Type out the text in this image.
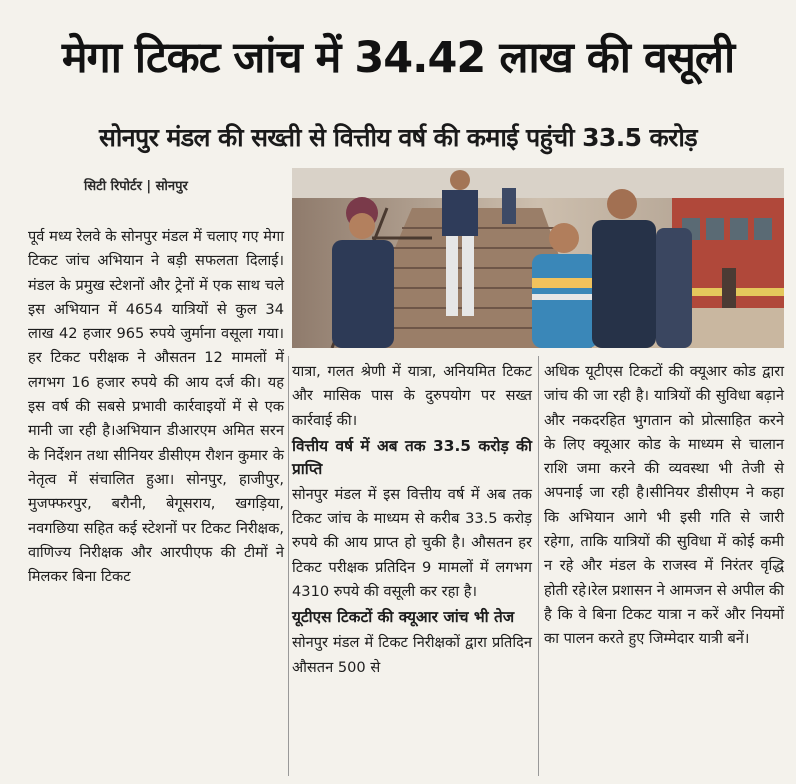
मेगा टिकट जांच में 34.42 लाख की वसूली
सोनपुर मंडल की सख्ती से वित्तीय वर्ष की कमाई पहुंची 33.5 करोड़
सिटी रिपोर्टर | सोनपुर

पूर्व मध्य रेलवे के सोनपुर मंडल में चलाए गए मेगा टिकट जांच अभियान ने बड़ी सफलता दिलाई। मंडल के प्रमुख स्टेशनों और ट्रेनों में एक साथ चले इस अभियान में 4654 यात्रियों से कुल 34 लाख 42 हजार 965 रुपये जुर्माना वसूला गया। हर टिकट परीक्षक ने औसतन 12 मामलों में लगभग 16 हजार रुपये की आय दर्ज की। यह इस वर्ष की सबसे प्रभावी कार्रवाइयों में से एक मानी जा रही है।अभियान डीआरएम अमित सरन के निर्देशन तथा सीनियर डीसीएम रौशन कुमार के नेतृत्व में संचालित हुआ। सोनपुर, हाजीपुर, मुजफ्फरपुर, बरौनी, बेगूसराय, खगड़िया, नवगछिया सहित कई स्टेशनों पर टिकट निरीक्षक, वाणिज्य निरीक्षक और आरपीएफ की टीमों ने मिलकर बिना टिकट

यात्रा, गलत श्रेणी में यात्रा, अनियमित टिकट और मासिक पास के दुरुपयोग पर सख्त कार्रवाई की।

वित्तीय वर्ष में अब तक 33.5 करोड़ की प्राप्ति

सोनपुर मंडल में इस वित्तीय वर्ष में अब तक टिकट जांच के माध्यम से करीब 33.5 करोड़ रुपये की आय प्राप्त हो चुकी है। औसतन हर टिकट परीक्षक प्रतिदिन 9 मामलों में लगभग 4310 रुपये की वसूली कर रहा है।

यूटीएस टिकटों की क्यूआर जांच भी तेज

सोनपुर मंडल में टिकट निरीक्षकों द्वारा प्रतिदिन औसतन 500 से

अधिक यूटीएस टिकटों की क्यूआर कोड द्वारा जांच की जा रही है। यात्रियों की सुविधा बढ़ाने और नकदरहित भुगतान को प्रोत्साहित करने के लिए क्यूआर कोड के माध्यम से चालान राशि जमा करने की व्यवस्था भी तेजी से अपनाई जा रही है।सीनियर डीसीएम ने कहा कि अभियान आगे भी इसी गति से जारी रहेगा, ताकि यात्रियों की सुविधा में कोई कमी न रहे और मंडल के राजस्व में निरंतर वृद्धि होती रहे।रेल प्रशासन ने आमजन से अपील की है कि वे बिना टिकट यात्रा न करें और नियमों का पालन करते हुए जिम्मेदार यात्री बनें।
